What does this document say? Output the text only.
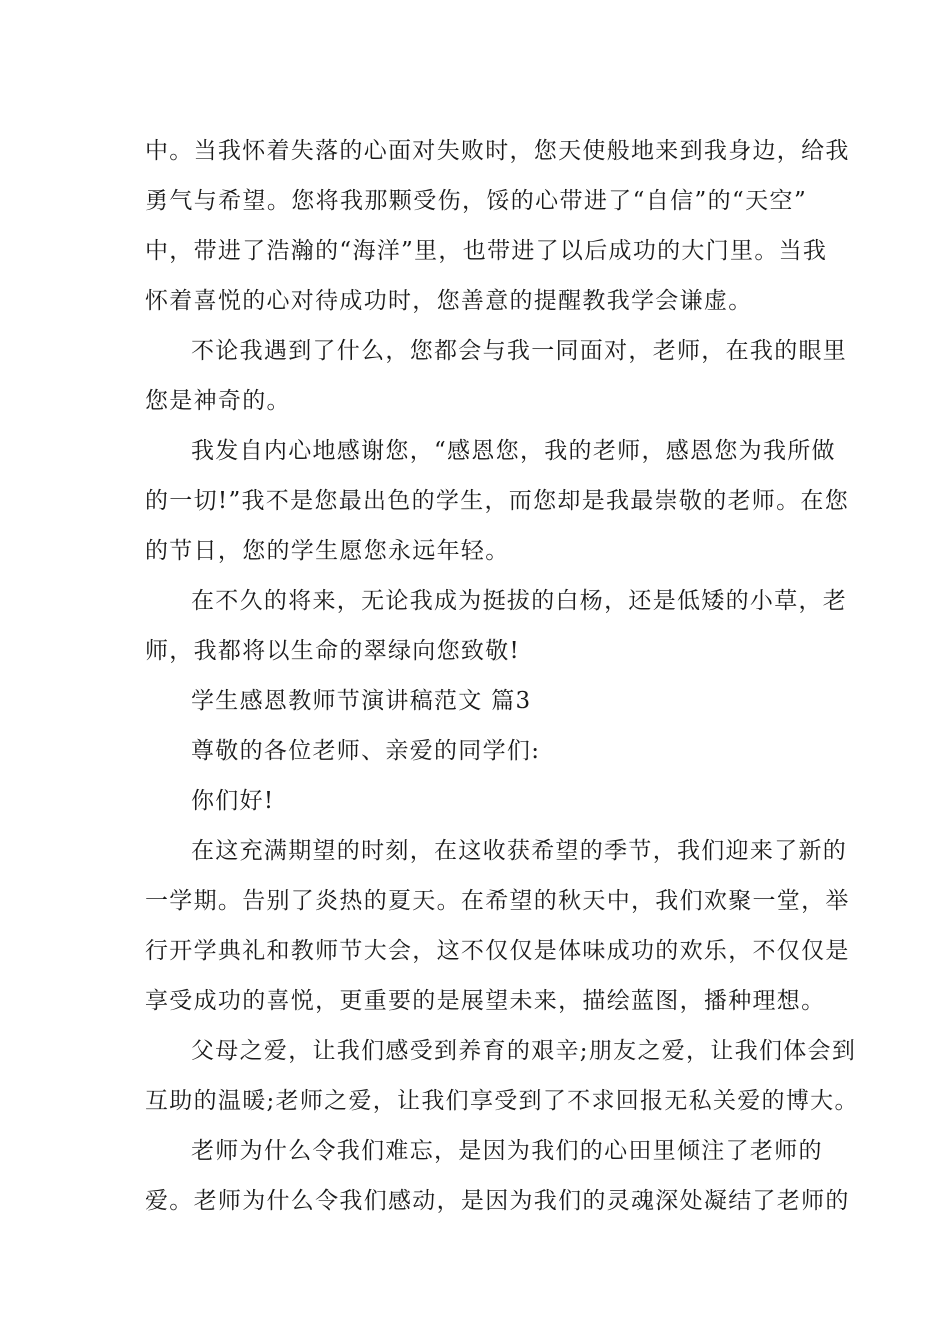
中。当我怀着失落的心面对失败时，您天使般地来到我身边，给我
勇气与希望。您将我那颗受伤，馁的心带进了“自信”的“天空”
中，带进了浩瀚的“海洋”里，也带进了以后成功的大门里。当我
怀着喜悦的心对待成功时，您善意的提醒教我学会谦虚。
不论我遇到了什么，您都会与我一同面对，老师，在我的眼里
您是神奇的。
我发自内心地感谢您，“感恩您，我的老师，感恩您为我所做
的一切!”我不是您最出色的学生，而您却是我最崇敬的老师。在您
的节日，您的学生愿您永远年轻。
在不久的将来，无论我成为挺拔的白杨，还是低矮的小草，老
师，我都将以生命的翠绿向您致敬!
学生感恩教师节演讲稿范文 篇3
尊敬的各位老师、亲爱的同学们:
你们好!
在这充满期望的时刻，在这收获希望的季节，我们迎来了新的
一学期。告别了炎热的夏天。在希望的秋天中，我们欢聚一堂，举
行开学典礼和教师节大会，这不仅仅是体味成功的欢乐，不仅仅是
享受成功的喜悦，更重要的是展望未来，描绘蓝图，播种理想。
父母之爱，让我们感受到养育的艰辛;朋友之爱，让我们体会到
互助的温暖;老师之爱，让我们享受到了不求回报无私关爱的博大。
老师为什么令我们难忘，是因为我们的心田里倾注了老师的
爱。老师为什么令我们感动，是因为我们的灵魂深处凝结了老师的
